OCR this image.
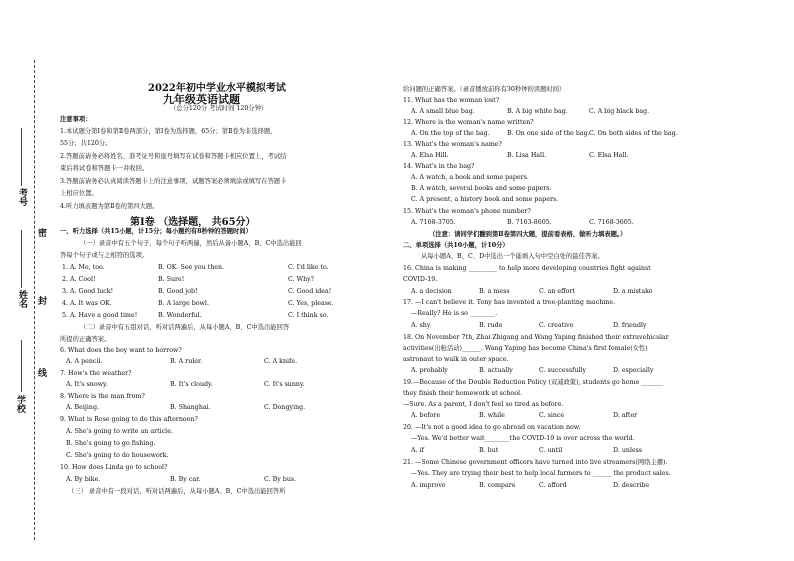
考号
姓名
学校
密
封
线
2022年初中学业水平模拟考试
九年级英语试题
（总分120分 考试时间 120分钟）
注意事项：
1.本试题分第Ⅰ卷和第Ⅱ卷两部分，第Ⅰ卷为选择题，65分；第Ⅱ卷为非选择题，
55分；共120分。
2.答题前请务必将姓名、准考证号和座号填写在试卷和答题卡相应位置上，考试结
束后将试卷和答题卡一并收回。
3.答题前请务必认真阅读答题卡上的注意事项，试题答案必须填涂或填写在答题卡
上相应位置。
4.听力填表题为第Ⅱ卷的第四大题。
第Ⅰ卷 （选择题， 共65分）
一、听力选择（共15小题，计15分；每小题约有8秒钟的答题时间）
（一）录音中有五个句子，每个句子听两遍，然后从备小题A、B、C中选出能回
答每个句子或与之相符的选项。
1. A. Me, too.	B. OK. See you then.	C. I'd like to.
2. A. Cool!	B. Sure!	C. Why?
3. A. Good luck!	B. Good job!	C. Good idea!
4. A. It was OK.	B. A large bowl.	C. Yes, please.
5. A. Have a good time!	B. Wonderful.	C. I think so.
（二）录音中有五组对话，听对话两遍后，从每小题A、B、C中选出能回答
所提的正确答案。
6. What does the boy want to borrow?
A. A pencil.	B. A ruler.	C. A knife.
7. How's the weather?
A. It's snowy.	B. It's cloudy.	C. It's sunny.
8. Where is the man from?
A. Beijing.	B. Shanghai.	C. Dongying.
9. What is Rose going to do this afternoon?
A. She's going to write an article.
B. She's going to go fishing.
C. She's going to do housework.
10. How does Linda go to school?
A. By bike.	B. By car.	C. By bus.
（三） 录音中有一段对话，听对话两遍后，从每小题A、B、C中选出能回答所
给问题的正确答案。（录音播放前你有30秒钟的读题时间）
11. What has the woman lost?
A. A small blue bag.	B. A big white bag.	C. A big black bag.
12. Where is the woman's name written?
A. On the top of the bag.	B. On one side of the bag. C. On both sides of the bag.
13. What's the woman's name?
A. Elsa Hill.	B. Lisa Hall.	C. Elsa Hall.
14. What's in the bag?
A. A watch, a book and some papers.
B. A watch, several books and some papers.
C. A present, a history book and some papers.
15. What's the woman's phone number?
A. 7168-3705.	B. 7163-8605.	C. 7168-3605.
（注意：请同学们翻到第Ⅱ卷第四大题，提前看表格，做听力填表题。）
二、单项选择（共10小题，计10分）
从每小题A、B、C、D中选出一个能填入句中空白处的最佳答案。
16. China is making _________ to help more developing countries fight against
COVID-19.
A. a decision	B. a mess	C. an effort	D. a mistake
17. —I can't believe it. Tony has invented a tree-planting machine.
—Really? He is so ________.
A. shy	B. rude	C. creative	D. friendly
18. On November 7th, Zhai Zhigang and Wang Yaping finished their extravehicular
activities(出舱活动)______. Wang Yaping has become China's first female(女性)
astronaut to walk in outer space.
A. probably	B. actually	C. successfully	D. especially
19.—Because of the Double Reduction Policy (双减政策), students go home _______
they finish their homework at school.
—Sure. As a parent, I don't feel so tired as before.
A. before	B. while	C. since	D. after
20. —It's not a good idea to go abroad on vacation now.
—Yes. We'd better wait________the COVID-19 is over across the world.
A. if	B. but	C. until	D. unless
21. —Some Chinese government officers have turned into live streamers(网络主播).
—Yes. They are trying their best to help local farmers to ______ the product sales.
A. improve	B. compare	C. afford	D. describe
